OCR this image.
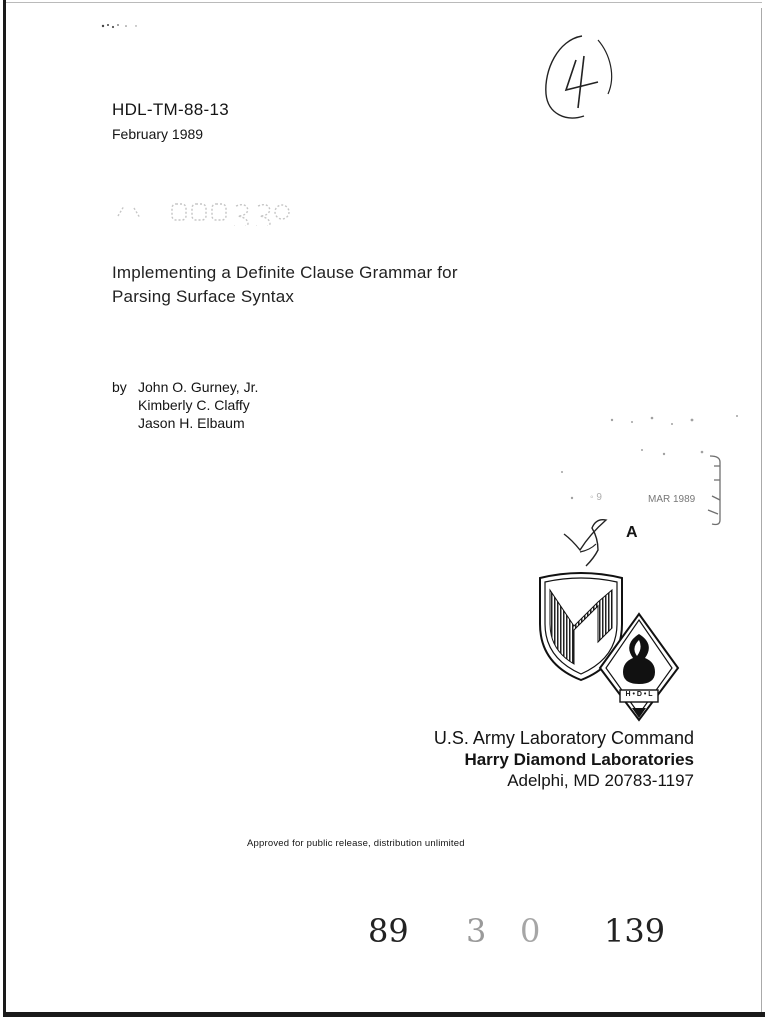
HDL-TM-88-13
February 1989
Implementing a Definite Clause Grammar for
Parsing Surface Syntax
by John O. Gurney, Jr.
Kimberly C. Claffy
Jason H. Elbaum
MAR 1989
◦ 9
A
H • D • L
U.S. Army Laboratory Command
Harry Diamond Laboratories
Adelphi, MD 20783-1197
Approved for public release, distribution unlimited
89 3 0 139
